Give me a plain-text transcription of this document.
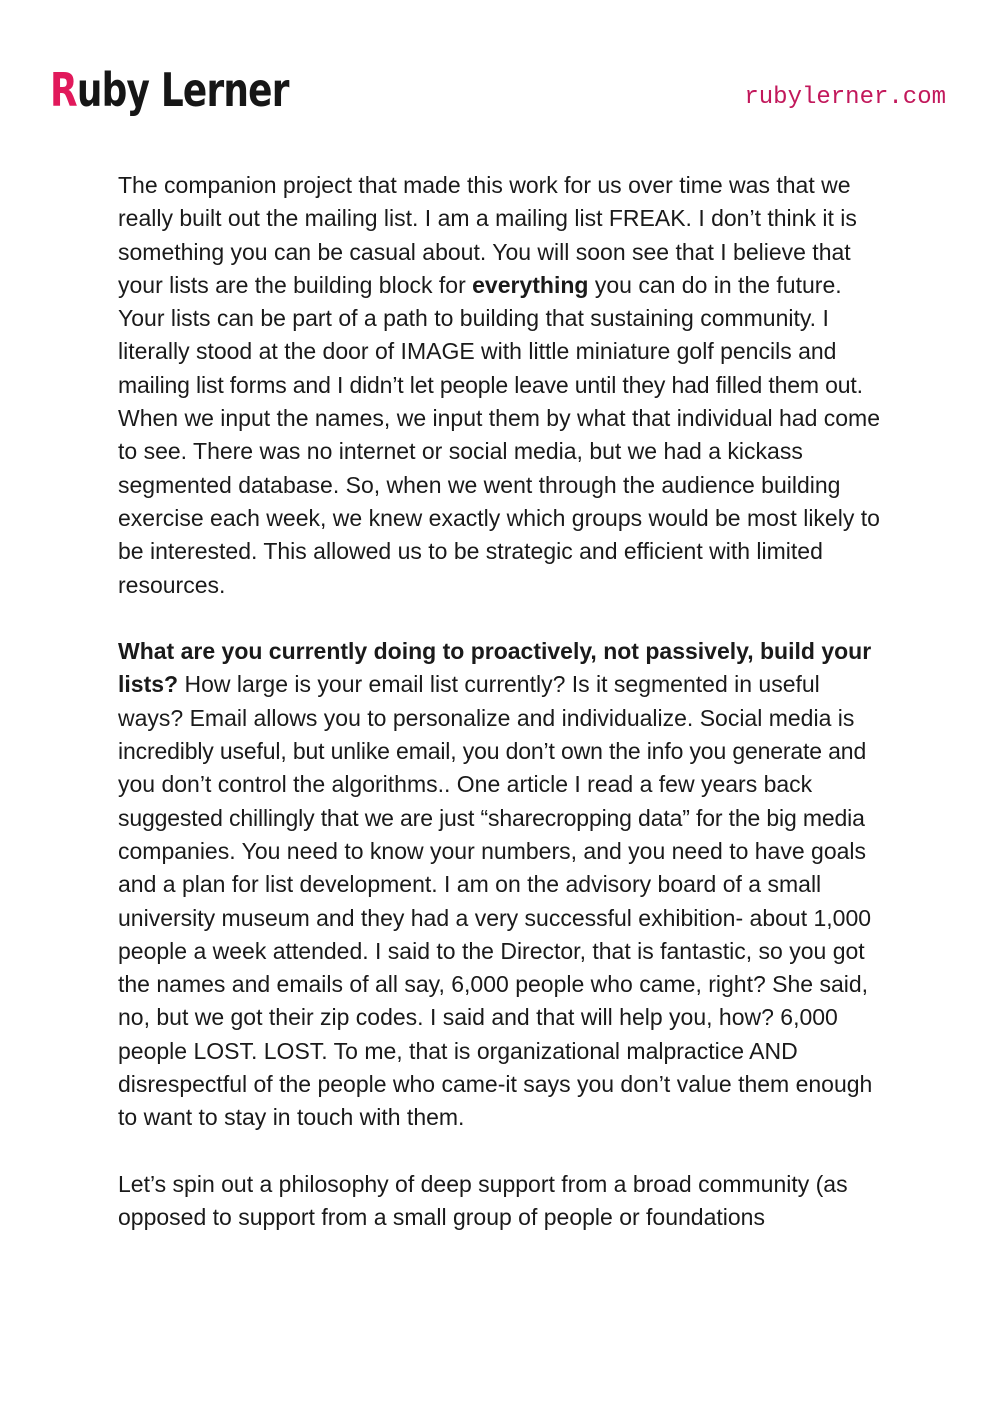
Ruby Lerner	rubylerner.com

The companion project that made this work for us over time was that we
really built out the mailing list. I am a mailing list FREAK. I don’t think it is
something you can be casual about. You will soon see that I believe that
your lists are the building block for everything you can do in the future.
Your lists can be part of a path to building that sustaining community. I
literally stood at the door of IMAGE with little miniature golf pencils and
mailing list forms and I didn’t let people leave until they had filled them out.
When we input the names, we input them by what that individual had come
to see. There was no internet or social media, but we had a kickass
segmented database. So, when we went through the audience building
exercise each week, we knew exactly which groups would be most likely to
be interested. This allowed us to be strategic and efficient with limited
resources.

What are you currently doing to proactively, not passively, build your
lists? How large is your email list currently? Is it segmented in useful
ways? Email allows you to personalize and individualize. Social media is
incredibly useful, but unlike email, you don’t own the info you generate and
you don’t control the algorithms.. One article I read a few years back
suggested chillingly that we are just “sharecropping data” for the big media
companies. You need to know your numbers, and you need to have goals
and a plan for list development. I am on the advisory board of a small
university museum and they had a very successful exhibition- about 1,000
people a week attended. I said to the Director, that is fantastic, so you got
the names and emails of all say, 6,000 people who came, right? She said,
no, but we got their zip codes. I said and that will help you, how? 6,000
people LOST. LOST. To me, that is organizational malpractice AND
disrespectful of the people who came-it says you don’t value them enough
to want to stay in touch with them.

Let’s spin out a philosophy of deep support from a broad community (as
opposed to support from a small group of people or foundations
